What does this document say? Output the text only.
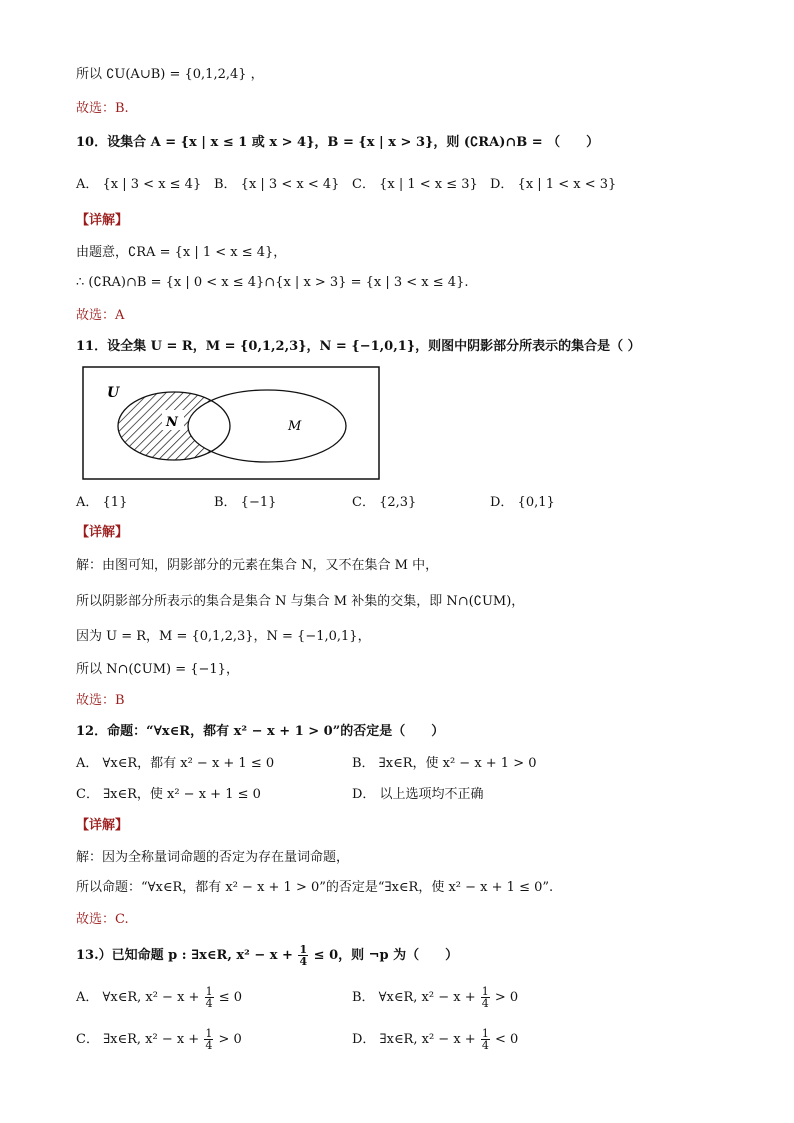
所以 ∁U(A∪B) = {0,1,2,4} ，
故选：B.
10．设集合 A = {x | x ≤ 1 或 x > 4}，B = {x | x > 3}，则 (∁RA)∩B = （　　）
A． {x | 3 < x ≤ 4} B． {x | 3 < x < 4} C． {x | 1 < x ≤ 3} D． {x | 1 < x < 3}
【详解】
由题意，∁RA = {x | 1 < x ≤ 4}，
∴ (∁RA)∩B = {x | 0 < x ≤ 4}∩{x | x > 3} = {x | 3 < x ≤ 4}.
故选：A
11．设全集 U = R，M = {0,1,2,3}，N = {−1,0,1}，则图中阴影部分所表示的集合是（ ）
U
N	M
A． {1}	B． {−1}	C． {2,3}	D． {0,1}
【详解】
解：由图可知，阴影部分的元素在集合 N，又不在集合 M 中，
所以阴影部分所表示的集合是集合 N 与集合 M 补集的交集，即 N∩(∁UM)，
因为 U = R，M = {0,1,2,3}，N = {−1,0,1}，
所以 N∩(∁UM) = {−1}，
故选：B
12．命题：“∀x∈R，都有 x² − x + 1 > 0”的否定是（　　）
A． ∀x∈R，都有 x² − x + 1 ≤ 0	B． ∃x∈R，使 x² − x + 1 > 0
C． ∃x∈R，使 x² − x + 1 ≤ 0	D． 以上选项均不正确
【详解】
解：因为全称量词命题的否定为存在量词命题，
所以命题：“∀x∈R，都有 x² − x + 1 > 0”的否定是“∃x∈R，使 x² − x + 1 ≤ 0”.
故选：C.
13.）已知命题 p : ∃x∈R, $x^2 - x + \frac{1}{4} \le 0$，则 ¬p 为（　　）
A． ∀x∈R, $x^2 - x + \frac{1}{4} \le 0$	B． ∀x∈R, $x^2 - x + \frac{1}{4} > 0$
C． ∃x∈R, $x^2 - x + \frac{1}{4} > 0$	D． ∃x∈R, $x^2 - x + \frac{1}{4} < 0$
